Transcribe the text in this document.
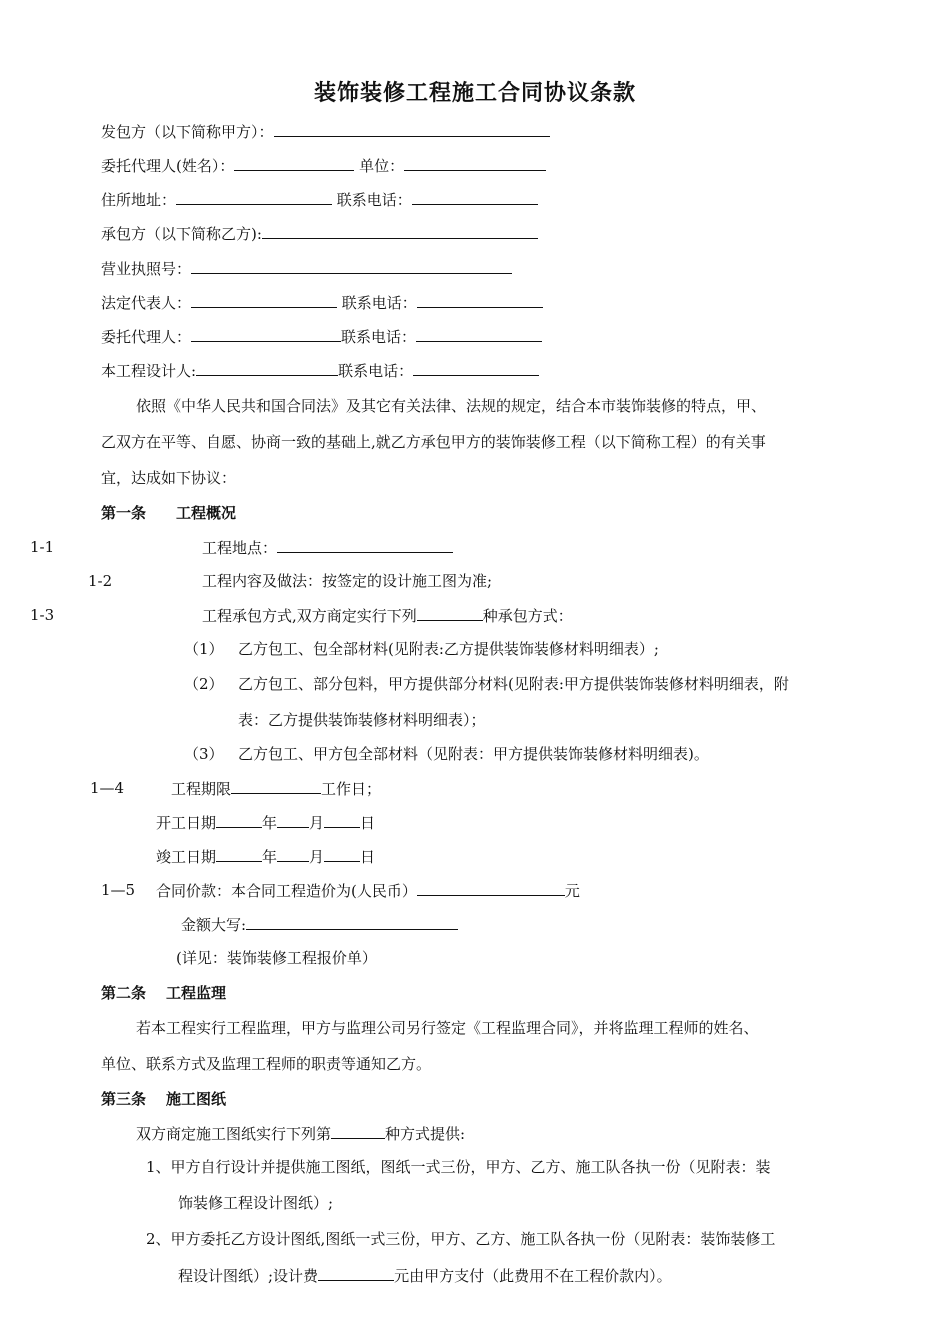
装饰装修工程施工合同协议条款
发包方（以下简称甲方）：
委托代理人(姓名）：	单位：
住所地址：	联系电话：
承包方（以下简称乙方):
营业执照号：
法定代表人：	联系电话：
委托代理人：	联系电话：
本工程设计人:	联系电话：
依照《中华人民共和国合同法》及其它有关法律、法规的规定，结合本市装饰装修的特点，甲、
乙双方在平等、自愿、协商一致的基础上,就乙方承包甲方的装饰装修工程（以下简称工程）的有关事
宜，达成如下协议：
第一条 工程概况
1-1	工程地点：
1-2	工程内容及做法：按签定的设计施工图为准;
1-3	工程承包方式,双方商定实行下列	种承包方式：
（1） 乙方包工、包全部材料(见附表:乙方提供装饰装修材料明细表）;
（2） 乙方包工、部分包料，甲方提供部分材料(见附表:甲方提供装饰装修材料明细表，附
表：乙方提供装饰装修材料明细表）；
（3） 乙方包工、甲方包全部材料（见附表：甲方提供装饰装修材料明细表)。
1—4	工程期限	工作日；
开工日期	年 月 日
竣工日期	年 月 日
1—5 合同价款：本合同工程造价为(人民币）	元
金额大写:
(详见：装饰装修工程报价单）
第二条 工程监理
若本工程实行工程监理，甲方与监理公司另行签定《工程监理合同》，并将监理工程师的姓名、
单位、联系方式及监理工程师的职责等通知乙方。
第三条 施工图纸
双方商定施工图纸实行下列第	种方式提供:
1、甲方自行设计并提供施工图纸，图纸一式三份，甲方、乙方、施工队各执一份（见附表：装
饰装修工程设计图纸）;
2、甲方委托乙方设计图纸,图纸一式三份，甲方、乙方、施工队各执一份（见附表：装饰装修工
程设计图纸）;设计费	元由甲方支付（此费用不在工程价款内）。
